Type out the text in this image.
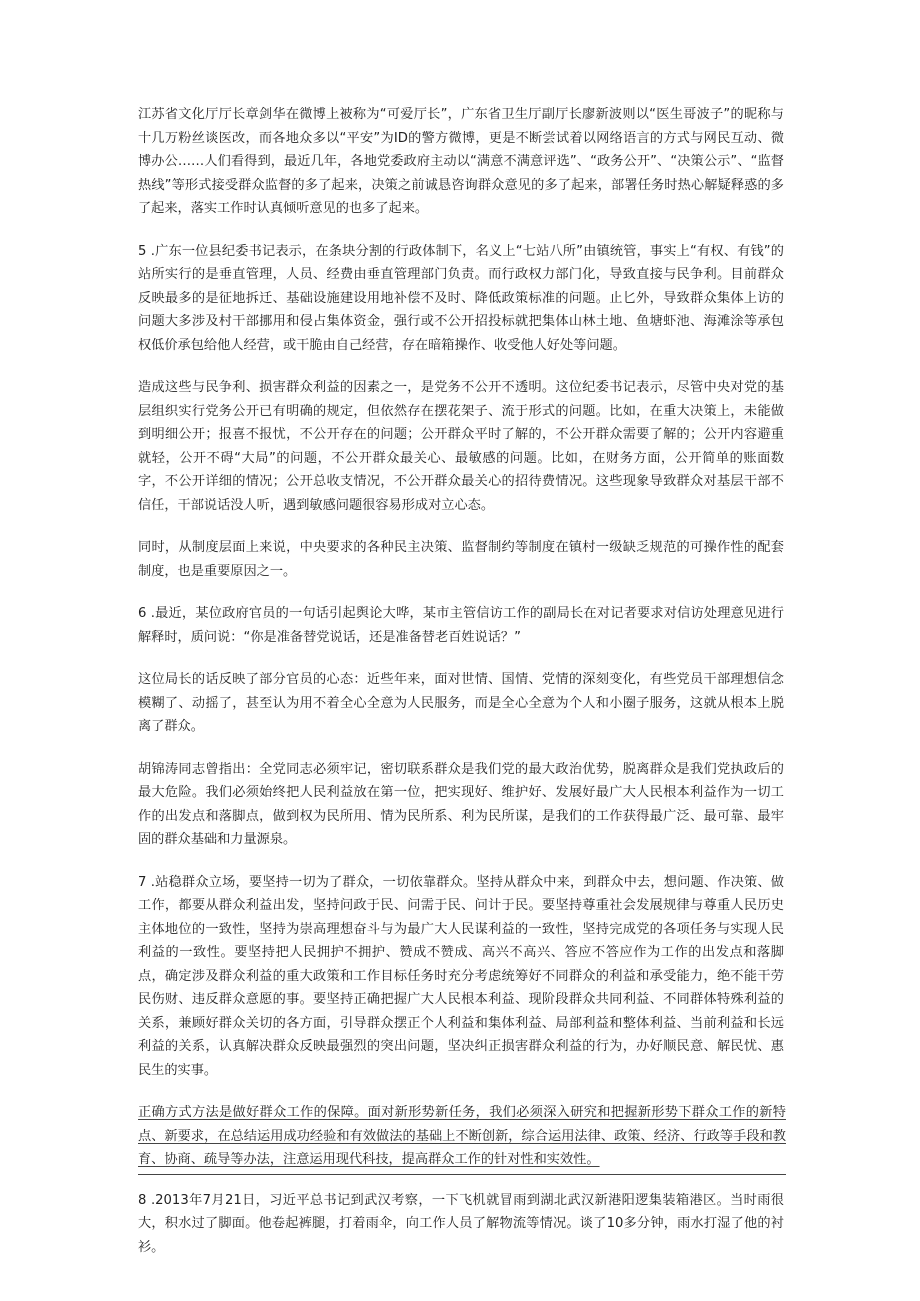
江苏省文化厅厅长章剑华在微博上被称为“可爱厅长”，广东省卫生厅副厅长廖新波则以“医生哥波子”的昵称与十几万粉丝谈医改，而各地众多以“平安”为ID的警方微博，更是不断尝试着以网络语言的方式与网民互动、微博办公……人们看得到，最近几年，各地党委政府主动以“满意不满意评选”、“政务公开”、“决策公示”、“监督热线”等形式接受群众监督的多了起来，决策之前诚恳咨询群众意见的多了起来，部署任务时热心解疑释惑的多了起来，落实工作时认真倾听意见的也多了起来。

5 .广东一位县纪委书记表示，在条块分割的行政体制下，名义上“七站八所”由镇统管，事实上“有权、有钱”的站所实行的是垂直管理，人员、经费由垂直管理部门负责。而行政权力部门化，导致直接与民争利。目前群众反映最多的是征地拆迁、基础设施建设用地补偿不及时、降低政策标准的问题。止匕外，导致群众集体上访的问题大多涉及村干部挪用和侵占集体资金，强行或不公开招投标就把集体山林土地、鱼塘虾池、海滩涂等承包权低价承包给他人经营，或干脆由自己经营，存在暗箱操作、收受他人好处等问题。

造成这些与民争利、损害群众利益的因素之一，是党务不公开不透明。这位纪委书记表示，尽管中央对党的基层组织实行党务公开已有明确的规定，但依然存在摆花架子、流于形式的问题。比如，在重大决策上，未能做到明细公开；报喜不报忧，不公开存在的问题；公开群众平时了解的，不公开群众需要了解的；公开内容避重就轻，公开不碍“大局”的问题，不公开群众最关心、最敏感的问题。比如，在财务方面，公开简单的账面数字，不公开详细的情况；公开总收支情况，不公开群众最关心的招待费情况。这些现象导致群众对基层干部不信任，干部说话没人听，遇到敏感问题很容易形成对立心态。

同时，从制度层面上来说，中央要求的各种民主决策、监督制约等制度在镇村一级缺乏规范的可操作性的配套制度，也是重要原因之一。

6 .最近，某位政府官员的一句话引起舆论大哗，某市主管信访工作的副局长在对记者要求对信访处理意见进行解释时，质问说：“你是准备替党说话，还是准备替老百姓说话？”

这位局长的话反映了部分官员的心态：近些年来，面对世情、国情、党情的深刻变化，有些党员干部理想信念模糊了、动摇了，甚至认为用不着全心全意为人民服务，而是全心全意为个人和小圈子服务，这就从根本上脱离了群众。

胡锦涛同志曾指出：全党同志必须牢记，密切联系群众是我们党的最大政治优势，脱离群众是我们党执政后的最大危险。我们必须始终把人民利益放在第一位，把实现好、维护好、发展好最广大人民根本利益作为一切工作的出发点和落脚点，做到权为民所用、情为民所系、利为民所谋，是我们的工作获得最广泛、最可靠、最牢固的群众基础和力量源泉。

7 .站稳群众立场，要坚持一切为了群众，一切依靠群众。坚持从群众中来，到群众中去，想问题、作决策、做工作，都要从群众利益出发，坚持问政于民、问需于民、问计于民。要坚持尊重社会发展规律与尊重人民历史主体地位的一致性，坚持为崇高理想奋斗与为最广大人民谋利益的一致性，坚持完成党的各项任务与实现人民利益的一致性。要坚持把人民拥护不拥护、赞成不赞成、高兴不高兴、答应不答应作为工作的出发点和落脚点，确定涉及群众利益的重大政策和工作目标任务时充分考虑统筹好不同群众的利益和承受能力，绝不能干劳民伤财、违反群众意愿的事。要坚持正确把握广大人民根本利益、现阶段群众共同利益、不同群体特殊利益的关系，兼顾好群众关切的各方面，引导群众摆正个人利益和集体利益、局部利益和整体利益、当前利益和长远利益的关系，认真解决群众反映最强烈的突出问题，坚决纠正损害群众利益的行为，办好顺民意、解民忧、惠民生的实事。

正确方式方法是做好群众工作的保障。面对新形势新任务，我们必须深入研究和把握新形势下群众工作的新特点、新要求，在总结运用成功经验和有效做法的基础上不断创新，综合运用法律、政策、经济、行政等手段和教育、协商、疏导等办法，注意运用现代科技，提高群众工作的针对性和实效性。

8 .2013年7月21日，习近平总书记到武汉考察，一下飞机就冒雨到湖北武汉新港阳逻集装箱港区。当时雨很大，积水过了脚面。他卷起裤腿，打着雨伞，向工作人员了解物流等情况。谈了10多分钟，雨水打湿了他的衬衫。
